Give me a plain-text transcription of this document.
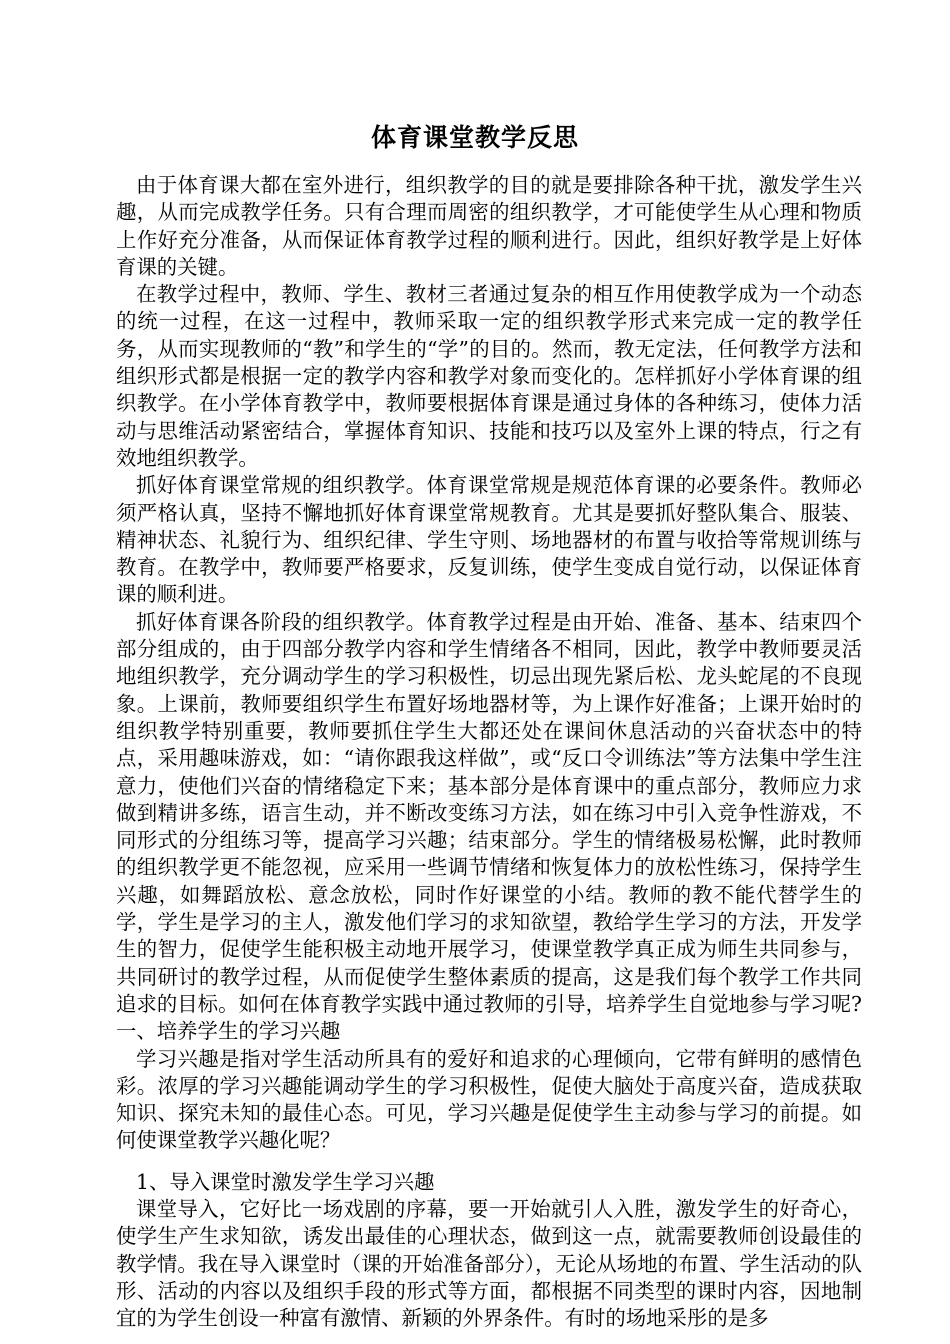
体育课堂教学反思

由于体育课大都在室外进行，组织教学的目的就是要排除各种干扰，激发学生兴趣，从而完成教学任务。只有合理而周密的组织教学，才可能使学生从心理和物质上作好充分准备，从而保证体育教学过程的顺利进行。因此，组织好教学是上好体育课的关键。

在教学过程中，教师、学生、教材三者通过复杂的相互作用使教学成为一个动态的统一过程，在这一过程中，教师采取一定的组织教学形式来完成一定的教学任务，从而实现教师的“教”和学生的“学”的目的。然而，教无定法，任何教学方法和组织形式都是根据一定的教学内容和教学对象而变化的。怎样抓好小学体育课的组织教学。在小学体育教学中，教师要根据体育课是通过身体的各种练习，使体力活动与思维活动紧密结合，掌握体育知识、技能和技巧以及室外上课的特点，行之有效地组织教学。

抓好体育课堂常规的组织教学。体育课堂常规是规范体育课的必要条件。教师必须严格认真，坚持不懈地抓好体育课堂常规教育。尤其是要抓好整队集合、服装、精神状态、礼貌行为、组织纪律、学生守则、场地器材的布置与收拾等常规训练与教育。在教学中，教师要严格要求，反复训练，使学生变成自觉行动，以保证体育课的顺利进。

抓好体育课各阶段的组织教学。体育教学过程是由开始、准备、基本、结束四个部分组成的，由于四部分教学内容和学生情绪各不相同，因此，教学中教师要灵活地组织教学，充分调动学生的学习积极性，切忌出现先紧后松、龙头蛇尾的不良现象。上课前，教师要组织学生布置好场地器材等，为上课作好准备；上课开始时的组织教学特别重要，教师要抓住学生大都还处在课间休息活动的兴奋状态中的特点，采用趣味游戏，如：“请你跟我这样做”，或“反口令训练法”等方法集中学生注意力，使他们兴奋的情绪稳定下来；基本部分是体育课中的重点部分，教师应力求做到精讲多练，语言生动，并不断改变练习方法，如在练习中引入竞争性游戏，不同形式的分组练习等，提高学习兴趣；结束部分。学生的情绪极易松懈，此时教师的组织教学更不能忽视，应采用一些调节情绪和恢复体力的放松性练习，保持学生兴趣，如舞蹈放松、意念放松，同时作好课堂的小结。教师的教不能代替学生的学，学生是学习的主人，激发他们学习的求知欲望，教给学生学习的方法，开发学生的智力，促使学生能积极主动地开展学习，使课堂教学真正成为师生共同参与，共同研讨的教学过程，从而促使学生整体素质的提高，这是我们每个教学工作共同追求的目标。如何在体育教学实践中通过教师的引导，培养学生自觉地参与学习呢?一、培养学生的学习兴趣

学习兴趣是指对学生活动所具有的爱好和追求的心理倾向，它带有鲜明的感情色彩。浓厚的学习兴趣能调动学生的学习积极性，促使大脑处于高度兴奋，造成获取知识、探究未知的最佳心态。可见，学习兴趣是促使学生主动参与学习的前提。如何使课堂教学兴趣化呢？

1、导入课堂时激发学生学习兴趣

课堂导入，它好比一场戏剧的序幕，要一开始就引人入胜，激发学生的好奇心，使学生产生求知欲，诱发出最佳的心理状态，做到这一点，就需要教师创设最佳的教学情。我在导入课堂时（课的开始准备部分），无论从场地的布置、学生活动的队形、活动的内容以及组织手段的形式等方面，都根据不同类型的课时内容，因地制宜的为学生创设一种富有激情、新颖的外界条件。有时的场地采彤的是多
